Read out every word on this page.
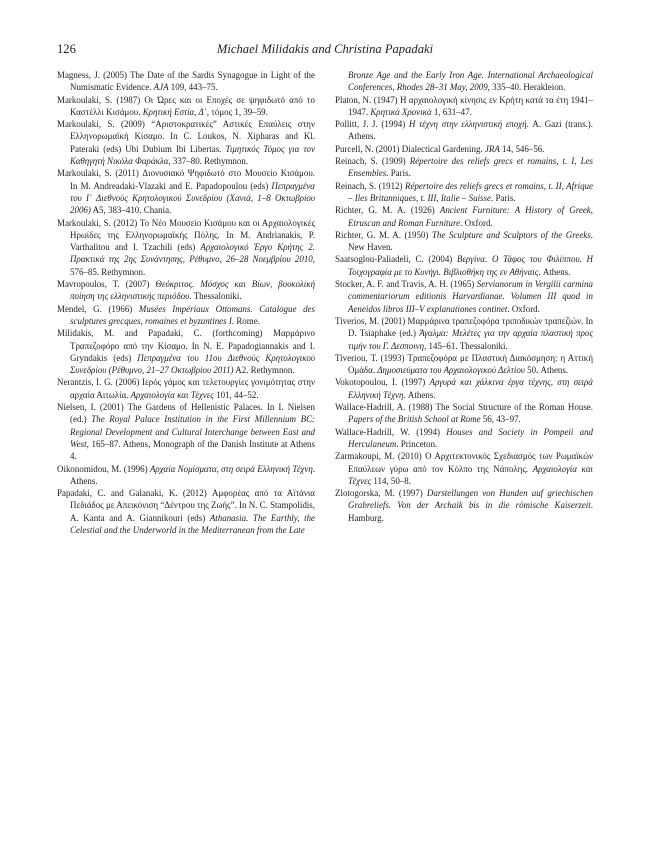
126	Michael Milidakis and Christina Papadaki

Magness, J. (2005) The Date of the Sardis Synagogue in Light of the Numismatic Evidence. AJA 109, 443–75.

Markoulaki, S. (1987) Οι Ώρες και οι Εποχές σε ψηφιδωτό από το Καστέλλι Κισάμου. Κρητική Εστία, Δ΄, τόμος 1, 39–59.

Markoulaki, S. (2009) “Αριστοκρατικές” Αστικές Επαύλεις στην Ελληνορωμαϊκή Κίσαμο. In C. Loukos, N. Xipharas and Kl. Pateraki (eds) Ubi Dubium Ibi Libertas. Τιμητικός Τόμος για τον Καθηγητή Νικόλα Φαράκλα, 337–80. Rethymnon.

Markoulaki, S. (2011) Διονυσιακό Ψηφιδωτό στο Μουσείο Κισάμου. In M. Andreadaki-Vlazaki and E. Papadopoulou (eds) Πεπραγμένα του Ι΄ Διεθνούς Κρητολογικού Συνεδρίου (Χανιά, 1–8 Οκτωβρίου 2006) Α5, 383–410. Chania.

Markoulaki, S. (2012) Το Νέο Μουσείο Κισάμου και οι Αρχαιολογικές Ηρωίδες της Ελληνορωμαϊκής Πόλης. In M. Andrianakis, P. Varthalitou and I. Tzachili (eds) Αρχαιολογικό Έργο Κρήτης 2. Πρακτικά της 2ης Συνάντησης, Ρέθυμνο, 26–28 Νοεμβρίου 2010, 576–85. Rethymnon.

Mavropoulos, T. (2007) Θεόκριτος. Μόσχος και Βίων, βουκολική ποίηση της ελληνιστικής περιόδου. Thessaloniki.

Mendel, G. (1966) Musées Impériaux Ottomans. Catalogue des sculptures grecques, romaines et byzantines I. Rome.

Milidakis, M. and Papadaki, C. (forthcoming) Μαρμάρινο Τραπεζοφόρο από την Κίσαμο. In N. E. Papadogiannakis and I. Gryndakis (eds) Πεπραγμένα του 11ου Διεθνούς Κρητολογικού Συνεδρίου (Ρέθυμνο, 21–27 Οκτωβρίου 2011) Α2. Rethymnon.

Nerantzis, I. G. (2006) Ιερός γάμος και τελετουργίες γονιμότητας στην αρχαία Αιτωλία. Αρχαιολογία και Τέχνες 101, 44–52.

Nielsen, I. (2001) The Gardens of Hellenistic Palaces. In I. Nielsen (ed.) The Royal Palace Institution in the First Millennium BC: Regional Development and Cultural Interchange between East and West, 165–87. Athens, Monograph of the Danish Institute at Athens 4.

Oikonomidou, M. (1996) Αρχαία Νομίσματα, στη σειρά Ελληνική Τέχνη. Athens.

Papadaki, C. and Galanaki, K. (2012) Αμφορέας από τα Αϊτάνια Πεδιάδος με Απεικόνιση “Δέντρου της Ζωής”. In N. C. Stampolidis, A. Kanta and A. Giannikouri (eds) Athanasia. The Earthly, the Celestial and the Underworld in the Mediterranean from the Late

Bronze Age and the Early Iron Age. International Archaeological Conferences, Rhodes 28–31 May, 2009, 335–40. Herakleion.

Platon, N. (1947) Η αρχαιολογική κίνησις εν Κρήτη κατά τα έτη 1941–1947. Κρητικά Χρονικά 1, 631–47.

Pollitt, J. J. (1994) Η τέχνη στην ελληνιστική εποχή. A. Gazi (trans.). Athens.

Purcell, N. (2001) Dialectical Gardening. JRA 14, 546–56.

Reinach, S. (1909) Répertoire des reliefs grecs et romains, t. I, Les Ensembles. Paris.

Reinach, S. (1912) Répertoire des reliefs grecs et romains, t. II, Afrique – Iles Britanniques, t. III, Italie – Suisse. Paris.

Richter, G. M. A. (1926) Ancient Furniture: A History of Greek, Etruscan and Roman Furniture. Oxford.

Richter, G. M. A. (1950) The Sculpture and Sculptors of the Greeks. New Haven.

Saatsoglou-Paliadeli, C. (2004) Βεργίνα. Ο Τάφος του Φιλίππου. Η Τοιχογραφία με το Κυνήγι. Βιβλιοθήκη της εν Αθήναις. Athens.

Stocker, A. F. and Travis, A. H. (1965) Servianorum in Vergilii carmina commentariorum editionis Harvardianae. Volumen III quod in Aeneidos libros III–V explanationes continet. Oxford.

Tiverios, M. (2001) Μαρμάρινα τραπεζοφόρα τριποδικών τραπεζιών. In D. Tsiaphake (ed.) Άγαλμα: Μελέτες για την αρχαία πλαστική προς τιμήν του Γ. Δεσποινη, 145–61. Thessaloniki.

Tiveriou, T. (1993) Τραπεζοφόρα με Πλαστική Διακόσμηση: η Αττική Ομάδα. Δημοσιεύματα του Αρχαιολογικού Δελτίου 50. Athens.

Vokotopoulou, I. (1997) Αργυρά και χάλκινα έργα τέχνης, στη σειρά Ελληνική Τέχνη. Athens.

Wallace-Hadrill, A. (1988) The Social Structure of the Roman House. Papers of the British School at Rome 56, 43–97.

Wallace-Hadrill, W. (1994) Houses and Society in Pompeii and Herculaneum. Princeton.

Zarmakoupi, M. (2010) Ο Αρχιτεκτονικός Σχεδιασμός των Ρωμαϊκών Επαύλεων γύρω από τον Κόλπο της Νάπολης. Αρχαιολογία και Τέχνες 114, 50–8.

Zlotogorska, M. (1997) Darstellungen von Hunden auf griechischen Grabreliefs. Von der Archaik bis in die römische Kaiserzeit. Hamburg.
